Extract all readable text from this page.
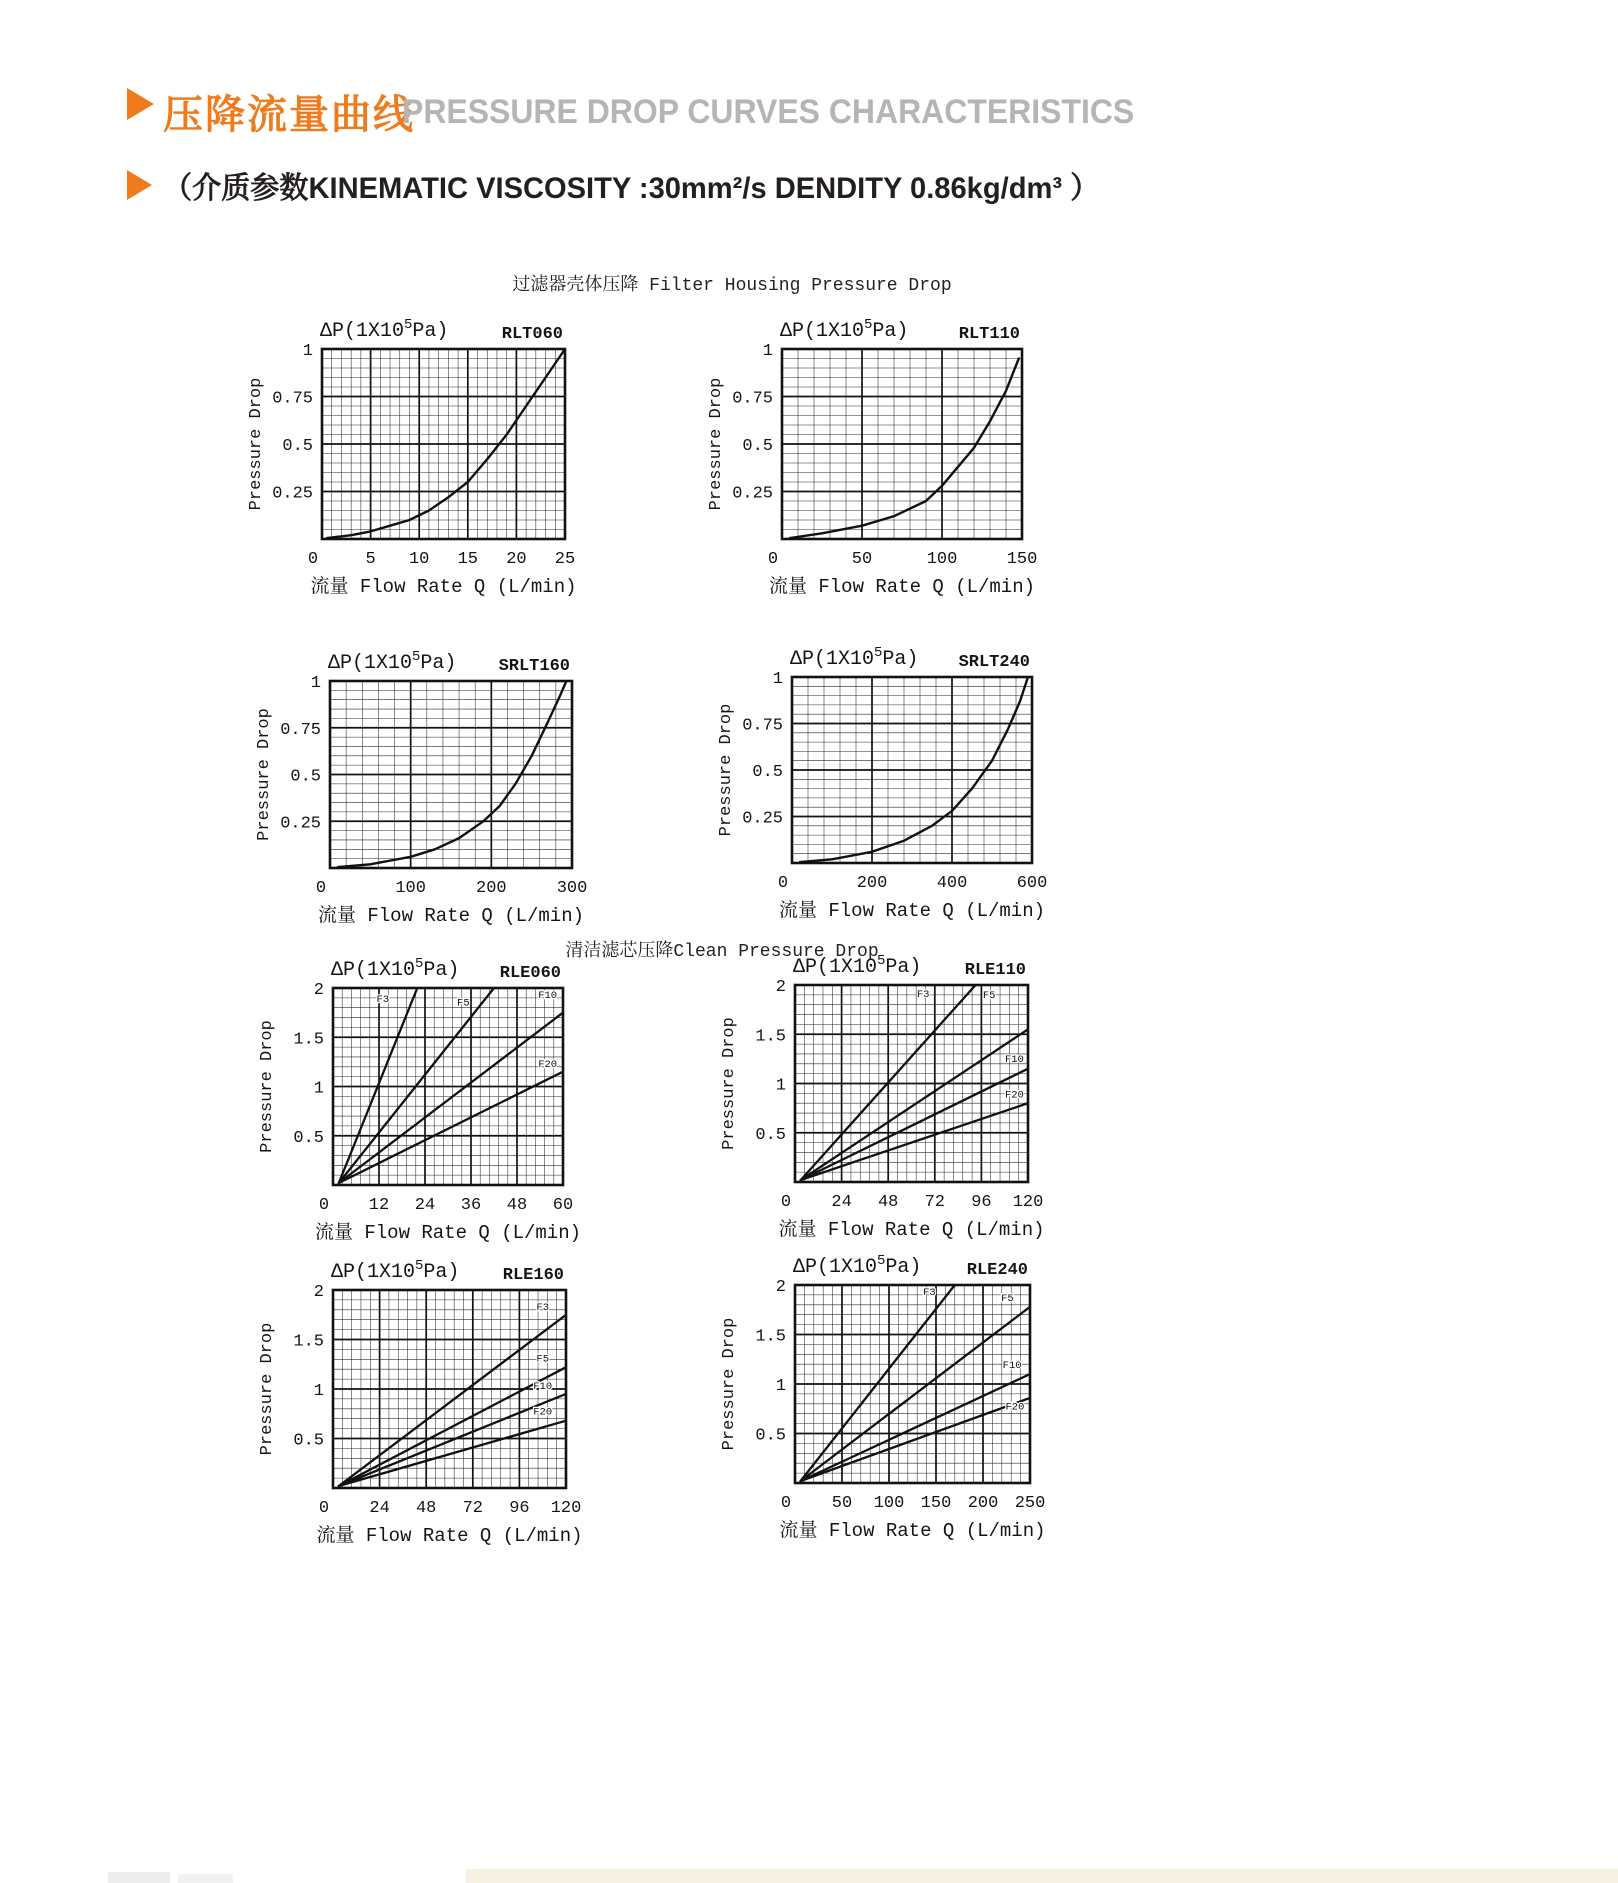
压降流量曲线
PRESSURE DROP CURVES CHARACTERISTICS
（介质参数KINEMATIC VISCOSITY :30mm²/s DENDITY 0.86kg/dm³ ）
过滤器壳体压降 Filter Housing Pressure Drop
清洁滤芯压降Clean Pressure Drop
$\Delta P(1X10^5Pa)$	RLT060
0.25
0.5
0.75
1
0	5 10 15 20 25
Pressure Drop
流量 Flow Rate Q (L/min)
$\Delta P(1X10^5Pa)$	RLT110
0.25
0.5
0.75
1
0	50	100	150
Pressure Drop
流量 Flow Rate Q (L/min)
$\Delta P(1X10^5Pa)$ SRLT160
0.25
0.5
0.75
1
0	100	200	300
Pressure Drop
流量 Flow Rate Q (L/min)
$\Delta P(1X10^5Pa)$ SRLT240
0.25
0.5
0.75
1
0	200	400	600
Pressure Drop
流量 Flow Rate Q (L/min)
F3	F5
F10
F20
$\Delta P(1X10^5Pa)$ RLE060
0.5
1
1.5
2
0 12 24 36 48 60
Pressure Drop
流量 Flow Rate Q (L/min)
F3	F5
F10
F20
$\Delta P(1X10^5Pa)$	RLE110
0.5
1
1.5
2
0 24 48 72 96 120
Pressure Drop
流量 Flow Rate Q (L/min)
F3
F5
F10
F20
$\Delta P(1X10^5Pa)$	RLE160
0.5
1
1.5
2
0 24 48 72 96 120
Pressure Drop
流量 Flow Rate Q (L/min)
F3	F5
F10
F20
$\Delta P(1X10^5Pa)$	RLE240
0.5
1
1.5
2
0 50 100 150 200 250
Pressure Drop
流量 Flow Rate Q (L/min)
